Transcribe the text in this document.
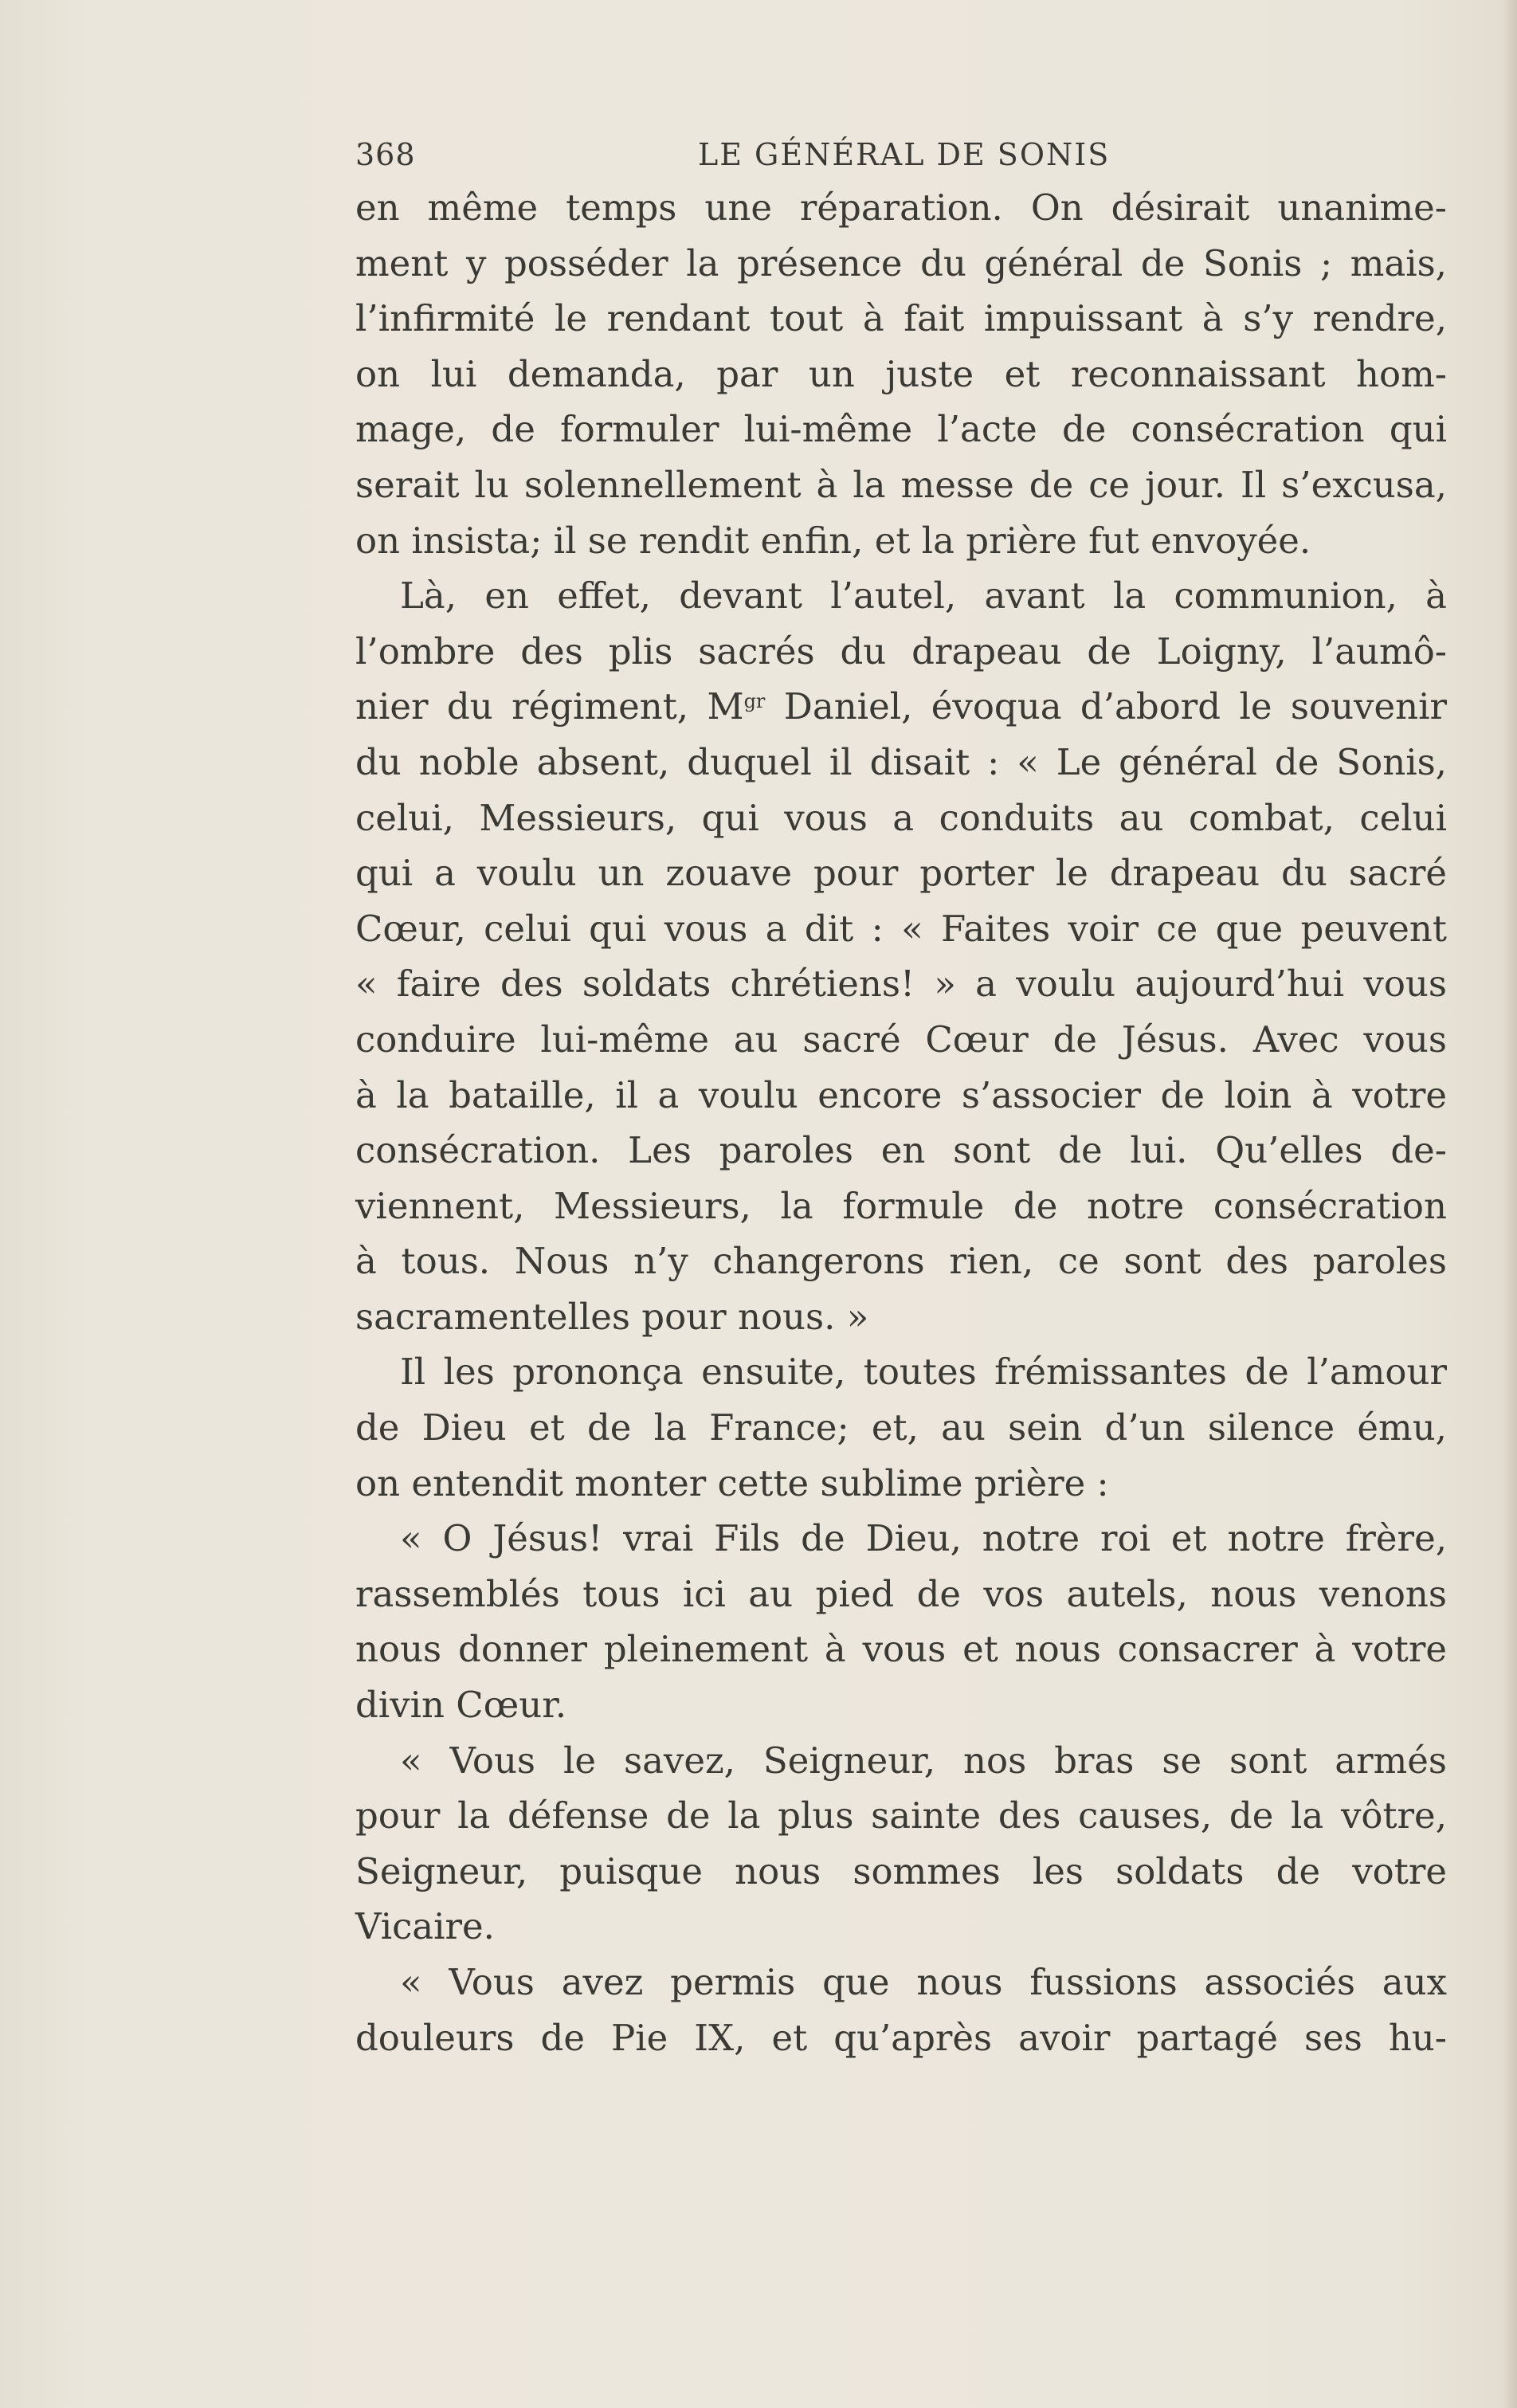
368	LE GÉNÉRAL DE SONIS
en même temps une réparation. On désirait unanime-
ment y posséder la présence du général de Sonis ; mais,
l’infirmité le rendant tout à fait impuissant à s’y rendre,
on lui demanda, par un juste et reconnaissant hom-
mage, de formuler lui-même l’acte de consécration qui
serait lu solennellement à la messe de ce jour. Il s’excusa,
on insista; il se rendit enfin, et la prière fut envoyée.
Là, en effet, devant l’autel, avant la communion, à
l’ombre des plis sacrés du drapeau de Loigny, l’aumô-
nier du régiment, $M^{gr}$ Daniel, évoqua d’abord le souvenir
du noble absent, duquel il disait : « Le général de Sonis,
celui, Messieurs, qui vous a conduits au combat, celui
qui a voulu un zouave pour porter le drapeau du sacré
Cœur, celui qui vous a dit : « Faites voir ce que peuvent
« faire des soldats chrétiens! » a voulu aujourd’hui vous
conduire lui-même au sacré Cœur de Jésus. Avec vous
à la bataille, il a voulu encore s’associer de loin à votre
consécration. Les paroles en sont de lui. Qu’elles de-
viennent, Messieurs, la formule de notre consécration
à tous. Nous n’y changerons rien, ce sont des paroles
sacramentelles pour nous. »
Il les prononça ensuite, toutes frémissantes de l’amour
de Dieu et de la France; et, au sein d’un silence ému,
on entendit monter cette sublime prière :
« O Jésus! vrai Fils de Dieu, notre roi et notre frère,
rassemblés tous ici au pied de vos autels, nous venons
nous donner pleinement à vous et nous consacrer à votre
divin Cœur.
« Vous le savez, Seigneur, nos bras se sont armés
pour la défense de la plus sainte des causes, de la vôtre,
Seigneur, puisque nous sommes les soldats de votre
Vicaire.
« Vous avez permis que nous fussions associés aux
douleurs de Pie IX, et qu’après avoir partagé ses hu-
